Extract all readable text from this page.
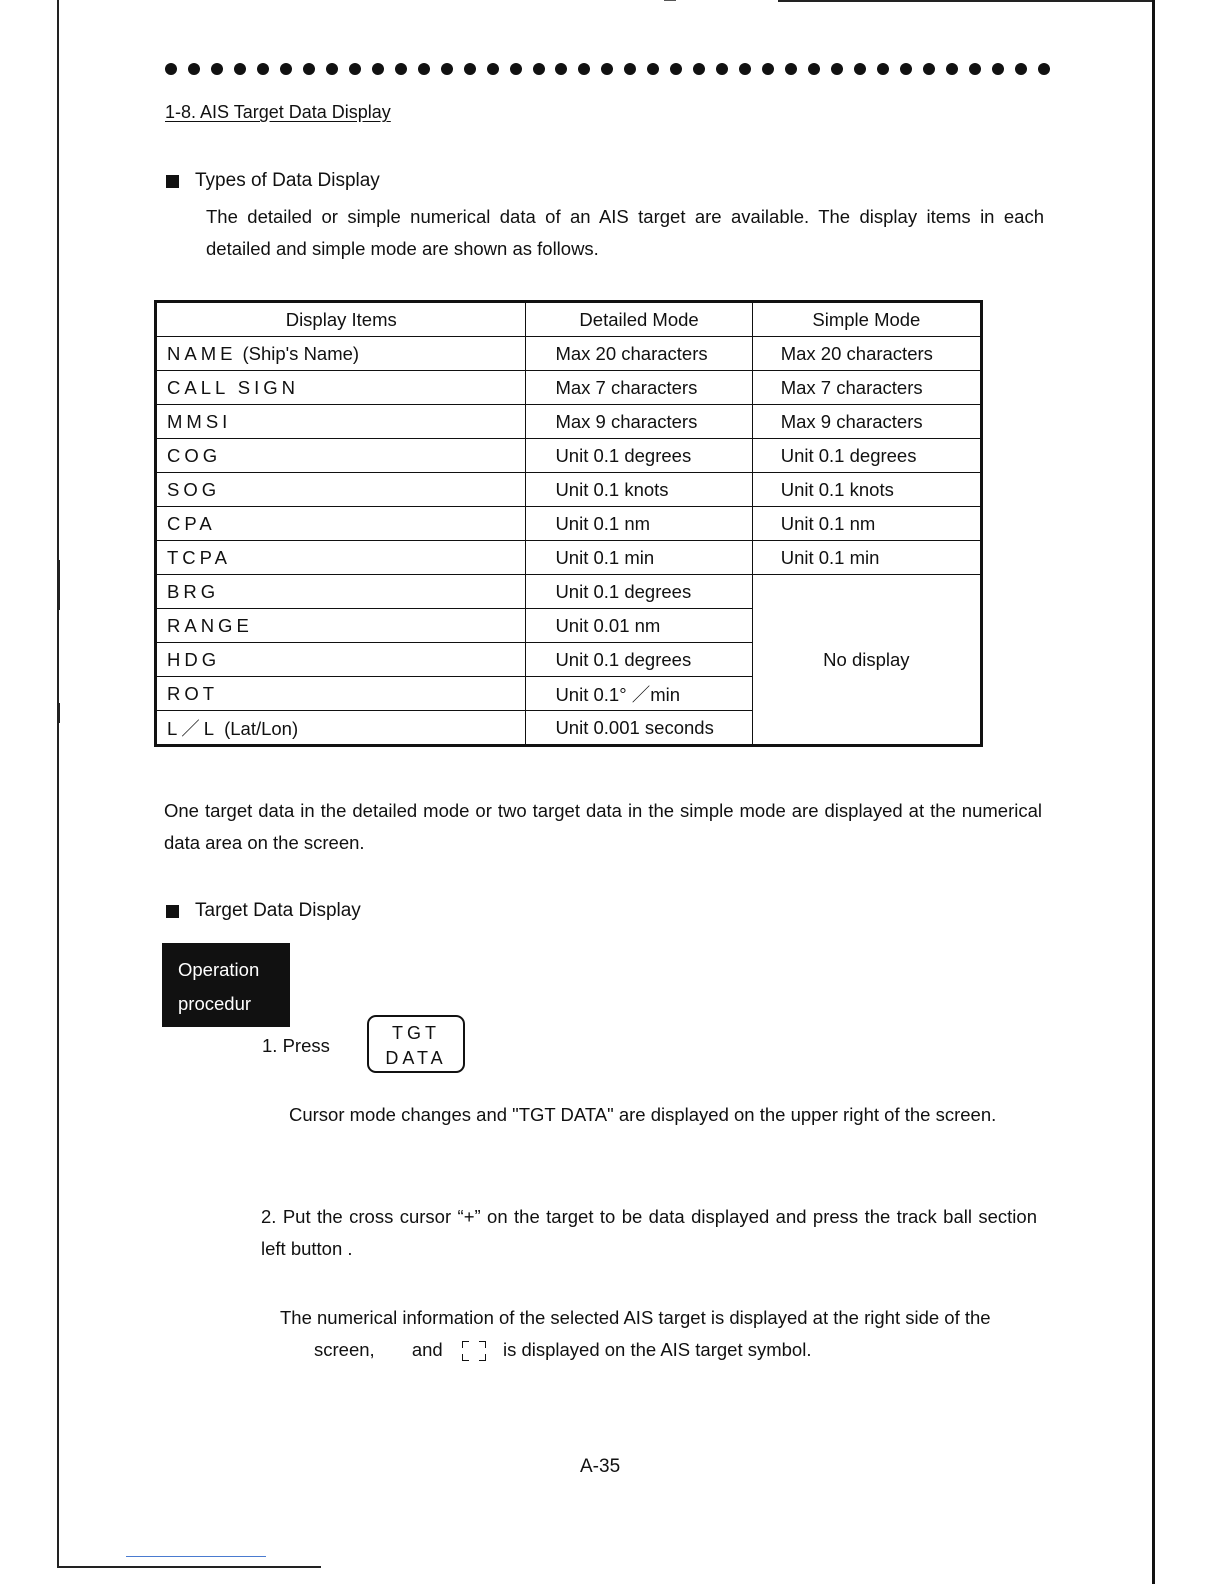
1-8. AIS Target Data Display
Types of Data Display
The detailed or simple numerical data of an AIS target are available. The display items in each detailed and simple mode are shown as follows.
Display Items	Detailed Mode	Simple Mode
NAME (Ship's Name)	Max 20 characters	Max 20 characters
CALL SIGN	Max 7 characters	Max 7 characters
MMSI	Max 9 characters	Max 9 characters
COG	Unit 0.1 degrees	Unit 0.1 degrees
SOG	Unit 0.1 knots	Unit 0.1 knots
CPA	Unit 0.1 nm	Unit 0.1 nm
TCPA	Unit 0.1 min	Unit 0.1 min
BRG	Unit 0.1 degrees	No display
RANGE	Unit 0.01 nm	
HDG	Unit 0.1 degrees	
ROT	Unit 0.1° ／min	
L／L (Lat/Lon)	Unit 0.001 seconds	
One target data in the detailed mode or two target data in the simple mode are displayed at the numerical data area on the screen.
Target Data Display
Operation
procedur
1. Press
TGT
DATA
Cursor mode changes and "TGT DATA" are displayed on the upper right of the screen.
2. Put the cross cursor “+” on the target to be data displayed and press the track ball section left button .
The numerical information of the selected AIS target is displayed at the right side of the
screen, and	is displayed on the AIS target symbol.
A-35
